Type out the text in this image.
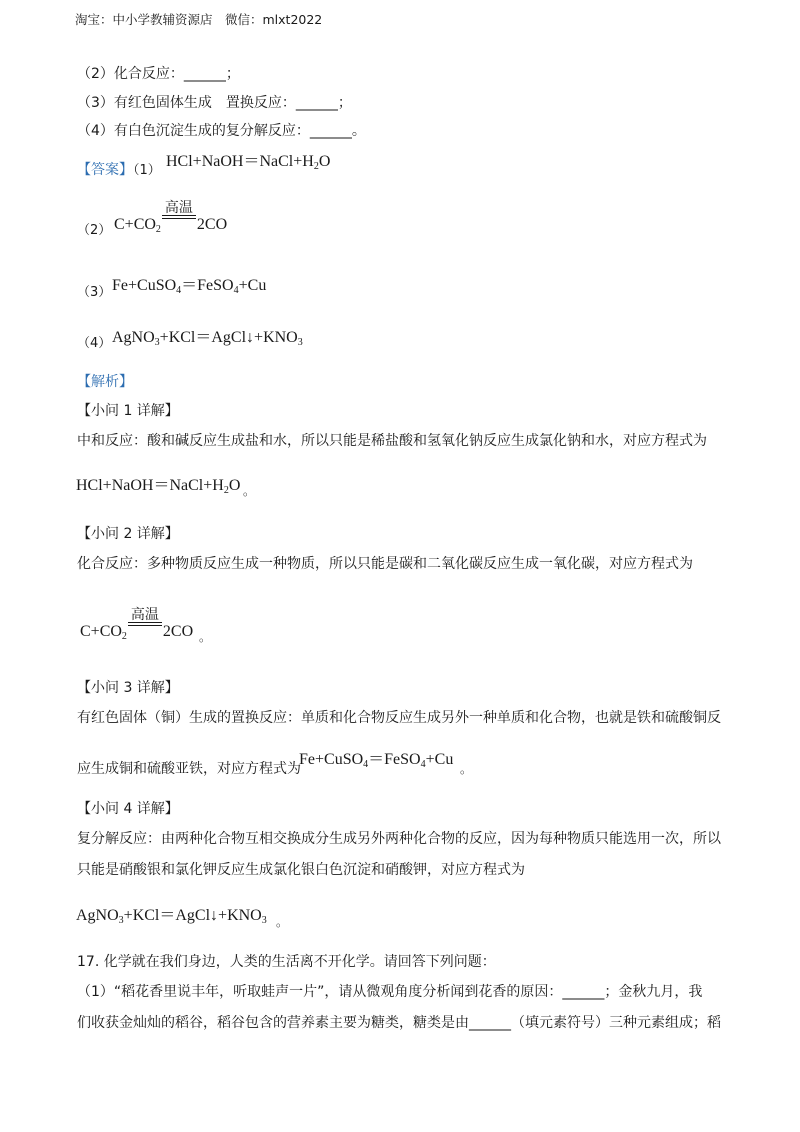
淘宝：中小学教辅资源店　微信：mlxt2022
（2）化合反应：______；
（3）有红色固体生成　置换反应：______；
（4）有白色沉淀生成的复分解反应：______。
【答案】（1）
$HCl+NaOH=NaCl+H_2O$
（2） $C+CO_2$
高温
2CO
（3） Fe+CuSO$_4$＝FeSO$_4$+Cu
（4） $AgNO_3+KCl=AgCl↓+KNO_3$
【解析】
【小问 1 详解】
中和反应：酸和碱反应生成盐和水，所以只能是稀盐酸和氢氧化钠反应生成氯化钠和水，对应方程式为
$HCl+NaOH=NaCl+H_2O$ 。
【小问 2 详解】
化合反应：多种物质反应生成一种物质，所以只能是碳和二氧化碳反应生成一氧化碳，对应方程式为
$C+CO_2$
高温
2CO 。
【小问 3 详解】
有红色固体（铜）生成的置换反应：单质和化合物反应生成另外一种单质和化合物，也就是铁和硫酸铜反
应生成铜和硫酸亚铁，对应方程式为
Fe+CuSO$_4$＝FeSO$_4$+Cu
。
【小问 4 详解】
复分解反应：由两种化合物互相交换成分生成另外两种化合物的反应，因为每种物质只能选用一次，所以
只能是硝酸银和氯化钾反应生成氯化银白色沉淀和硝酸钾，对应方程式为
$AgNO_3+KCl=AgCl↓+KNO_3$ 。
17. 化学就在我们身边，人类的生活离不开化学。请回答下列问题：
（1）“稻花香里说丰年，听取蛙声一片”，请从微观角度分析闻到花香的原因：______；金秋九月，我
们收获金灿灿的稻谷，稻谷包含的营养素主要为糖类，糖类是由______（填元素符号）三种元素组成；稻
